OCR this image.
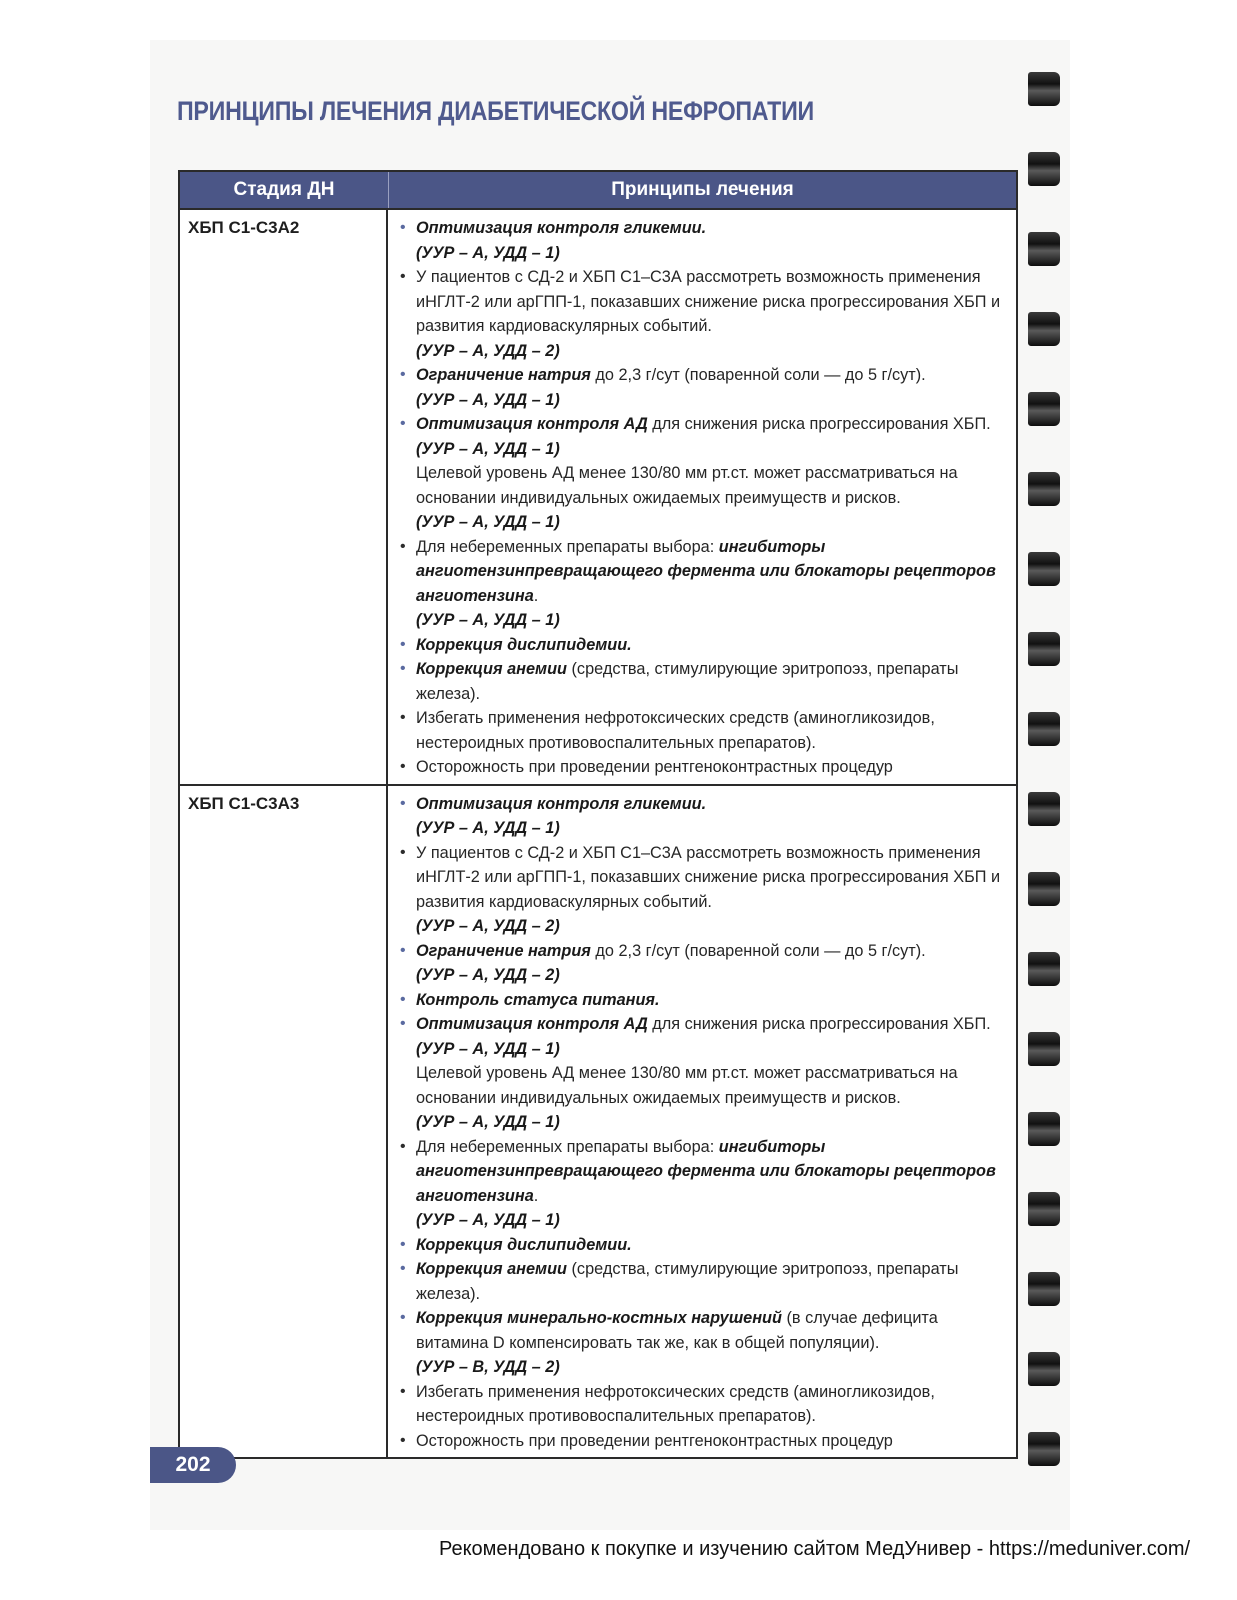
ПРИНЦИПЫ ЛЕЧЕНИЯ ДИАБЕТИЧЕСКОЙ НЕФРОПАТИИ
Стадия ДН	Принципы лечения
ХБП С1-С3А2	• Оптимизация контроля гликемии.
(УУР – А, УДД – 1)
• У пациентов с СД-2 и ХБП С1–С3А рассмотреть возможность применения иНГЛТ-2 или арГПП-1, показавших снижение риска прогрессирования ХБП и развития кардиоваскулярных событий.
(УУР – А, УДД – 2)
• Ограничение натрия до 2,3 г/сут (поваренной соли — до 5 г/сут).
(УУР – А, УДД – 1)
• Оптимизация контроля АД для снижения риска прогрессирования ХБП.
(УУР – А, УДД – 1)
Целевой уровень АД менее 130/80 мм рт.ст. может рассматриваться на основании индивидуальных ожидаемых преимуществ и рисков.
(УУР – А, УДД – 1)
• Для небеременных препараты выбора: ингибиторы ангиотензинпревращающего фермента или блокаторы рецепторов ангиотензина.
(УУР – А, УДД – 1)
• Коррекция дислипидемии.
• Коррекция анемии (средства, стимулирующие эритропоэз, препараты железа).
• Избегать применения нефротоксических средств (аминогликозидов, нестероидных противовоспалительных препаратов).
• Осторожность при проведении рентгеноконтрастных процедур
ХБП С1-С3А3	• Оптимизация контроля гликемии.
(УУР – А, УДД – 1)
• У пациентов с СД-2 и ХБП С1–С3А рассмотреть возможность применения иНГЛТ-2 или арГПП-1, показавших снижение риска прогрессирования ХБП и развития кардиоваскулярных событий.
(УУР – А, УДД – 2)
• Ограничение натрия до 2,3 г/сут (поваренной соли — до 5 г/сут).
(УУР – А, УДД – 2)
• Контроль статуса питания.
• Оптимизация контроля АД для снижения риска прогрессирования ХБП.
(УУР – А, УДД – 1)
Целевой уровень АД менее 130/80 мм рт.ст. может рассматриваться на основании индивидуальных ожидаемых преимуществ и рисков.
(УУР – А, УДД – 1)
• Для небеременных препараты выбора: ингибиторы ангиотензинпревращающего фермента или блокаторы рецепторов ангиотензина.
(УУР – А, УДД – 1)
• Коррекция дислипидемии.
• Коррекция анемии (средства, стимулирующие эритропоэз, препараты железа).
• Коррекция минерально-костных нарушений (в случае дефицита витамина D компенсировать так же, как в общей популяции).
(УУР – В, УДД – 2)
• Избегать применения нефротоксических средств (аминогликозидов, нестероидных противовоспалительных препаратов).
• Осторожность при проведении рентгеноконтрастных процедур
202
Рекомендовано к покупке и изучению сайтом МедУнивер - https://meduniver.com/
